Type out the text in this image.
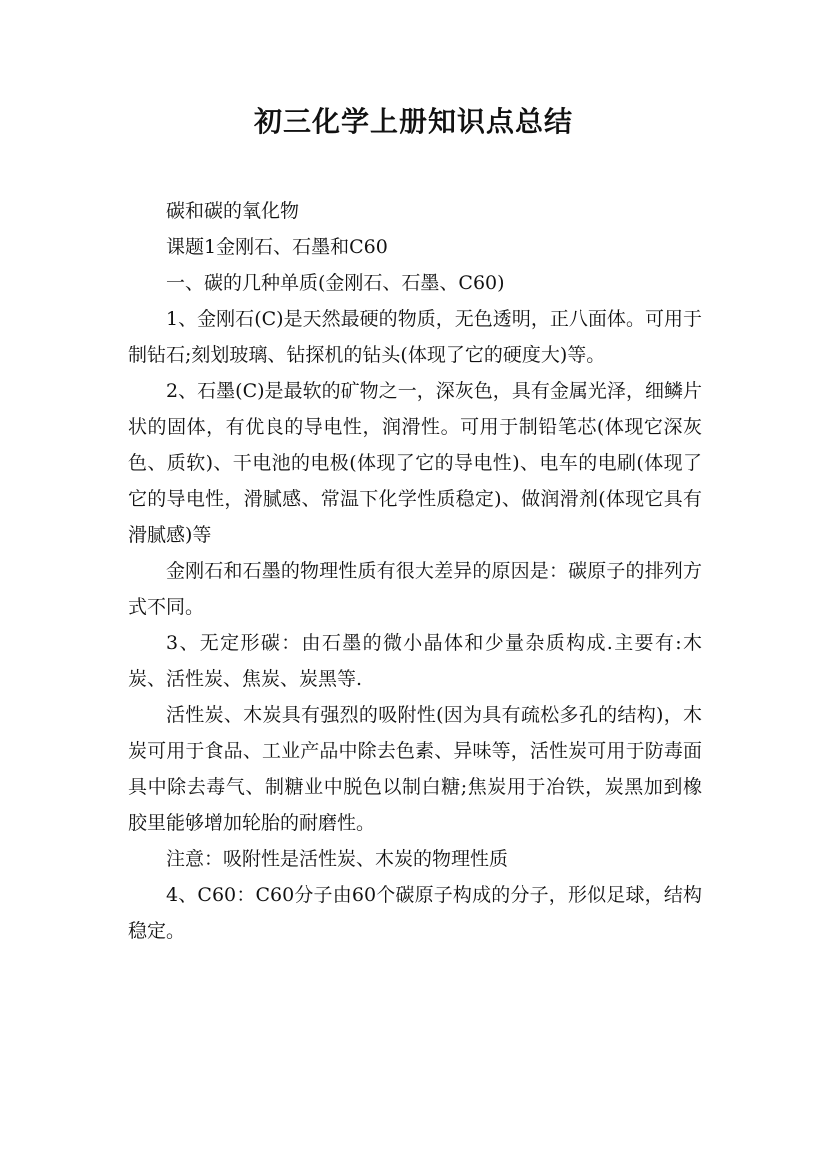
初三化学上册知识点总结

碳和碳的氧化物

课题1金刚石、石墨和C60

一、碳的几种单质(金刚石、石墨、C60)

1、金刚石(C)是天然最硬的物质，无色透明，正八面体。可用于制钻石;刻划玻璃、钻探机的钻头(体现了它的硬度大)等。

2、石墨(C)是最软的矿物之一，深灰色，具有金属光泽，细鳞片状的固体，有优良的导电性，润滑性。可用于制铅笔芯(体现它深灰色、质软)、干电池的电极(体现了它的导电性)、电车的电刷(体现了它的导电性，滑腻感、常温下化学性质稳定)、做润滑剂(体现它具有滑腻感)等

金刚石和石墨的物理性质有很大差异的原因是：碳原子的排列方式不同。

3、无定形碳：由石墨的微小晶体和少量杂质构成.主要有:木炭、活性炭、焦炭、炭黑等.

活性炭、木炭具有强烈的吸附性(因为具有疏松多孔的结构)，木炭可用于食品、工业产品中除去色素、异味等，活性炭可用于防毒面具中除去毒气、制糖业中脱色以制白糖;焦炭用于冶铁，炭黑加到橡胶里能够增加轮胎的耐磨性。

注意：吸附性是活性炭、木炭的物理性质

4、C60：C60分子由60个碳原子构成的分子，形似足球，结构稳定。
